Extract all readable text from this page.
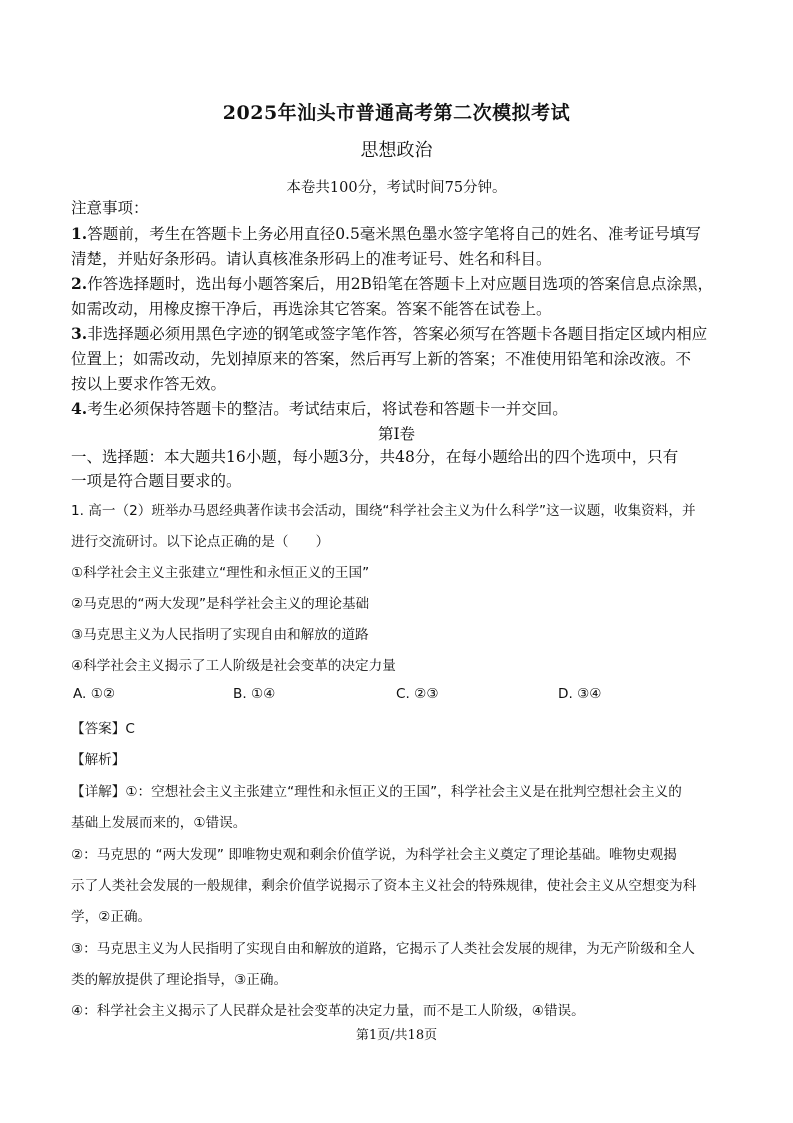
2025年汕头市普通高考第二次模拟考试
思想政治
本卷共100分，考试时间75分钟。
注意事项：
1.答题前，考生在答题卡上务必用直径0.5毫米黑色墨水签字笔将自己的姓名、准考证号填写
清楚，并贴好条形码。请认真核准条形码上的准考证号、姓名和科目。
2.作答选择题时，选出每小题答案后，用2B铅笔在答题卡上对应题目选项的答案信息点涂黑，
如需改动，用橡皮擦干净后，再选涂其它答案。答案不能答在试卷上。
3.非选择题必须用黑色字迹的钢笔或签字笔作答，答案必须写在答题卡各题目指定区域内相应
位置上；如需改动，先划掉原来的答案，然后再写上新的答案；不准使用铅笔和涂改液。不
按以上要求作答无效。
4.考生必须保持答题卡的整洁。考试结束后，将试卷和答题卡一并交回。
第Ⅰ卷
一、选择题：本大题共16小题，每小题3分，共48分，在每小题给出的四个选项中，只有
一项是符合题目要求的。
1. 高一（2）班举办马恩经典著作读书会活动，围绕“科学社会主义为什么科学”这一议题，收集资料，并
进行交流研讨。以下论点正确的是（　　）
①科学社会主义主张建立“理性和永恒正义的王国”
②马克思的“两大发现”是科学社会主义的理论基础
③马克思主义为人民指明了实现自由和解放的道路
④科学社会主义揭示了工人阶级是社会变革的决定力量
A. ①②	B. ①④	C. ②③	D. ③④
【答案】C
【解析】
【详解】①：空想社会主义主张建立“理性和永恒正义的王国”，科学社会主义是在批判空想社会主义的
基础上发展而来的，①错误。
②：马克思的 “两大发现” 即唯物史观和剩余价值学说，为科学社会主义奠定了理论基础。唯物史观揭
示了人类社会发展的一般规律，剩余价值学说揭示了资本主义社会的特殊规律，使社会主义从空想变为科
学，②正确。
③：马克思主义为人民指明了实现自由和解放的道路，它揭示了人类社会发展的规律，为无产阶级和全人
类的解放提供了理论指导，③正确。
④：科学社会主义揭示了人民群众是社会变革的决定力量，而不是工人阶级，④错误。
第1页/共18页
